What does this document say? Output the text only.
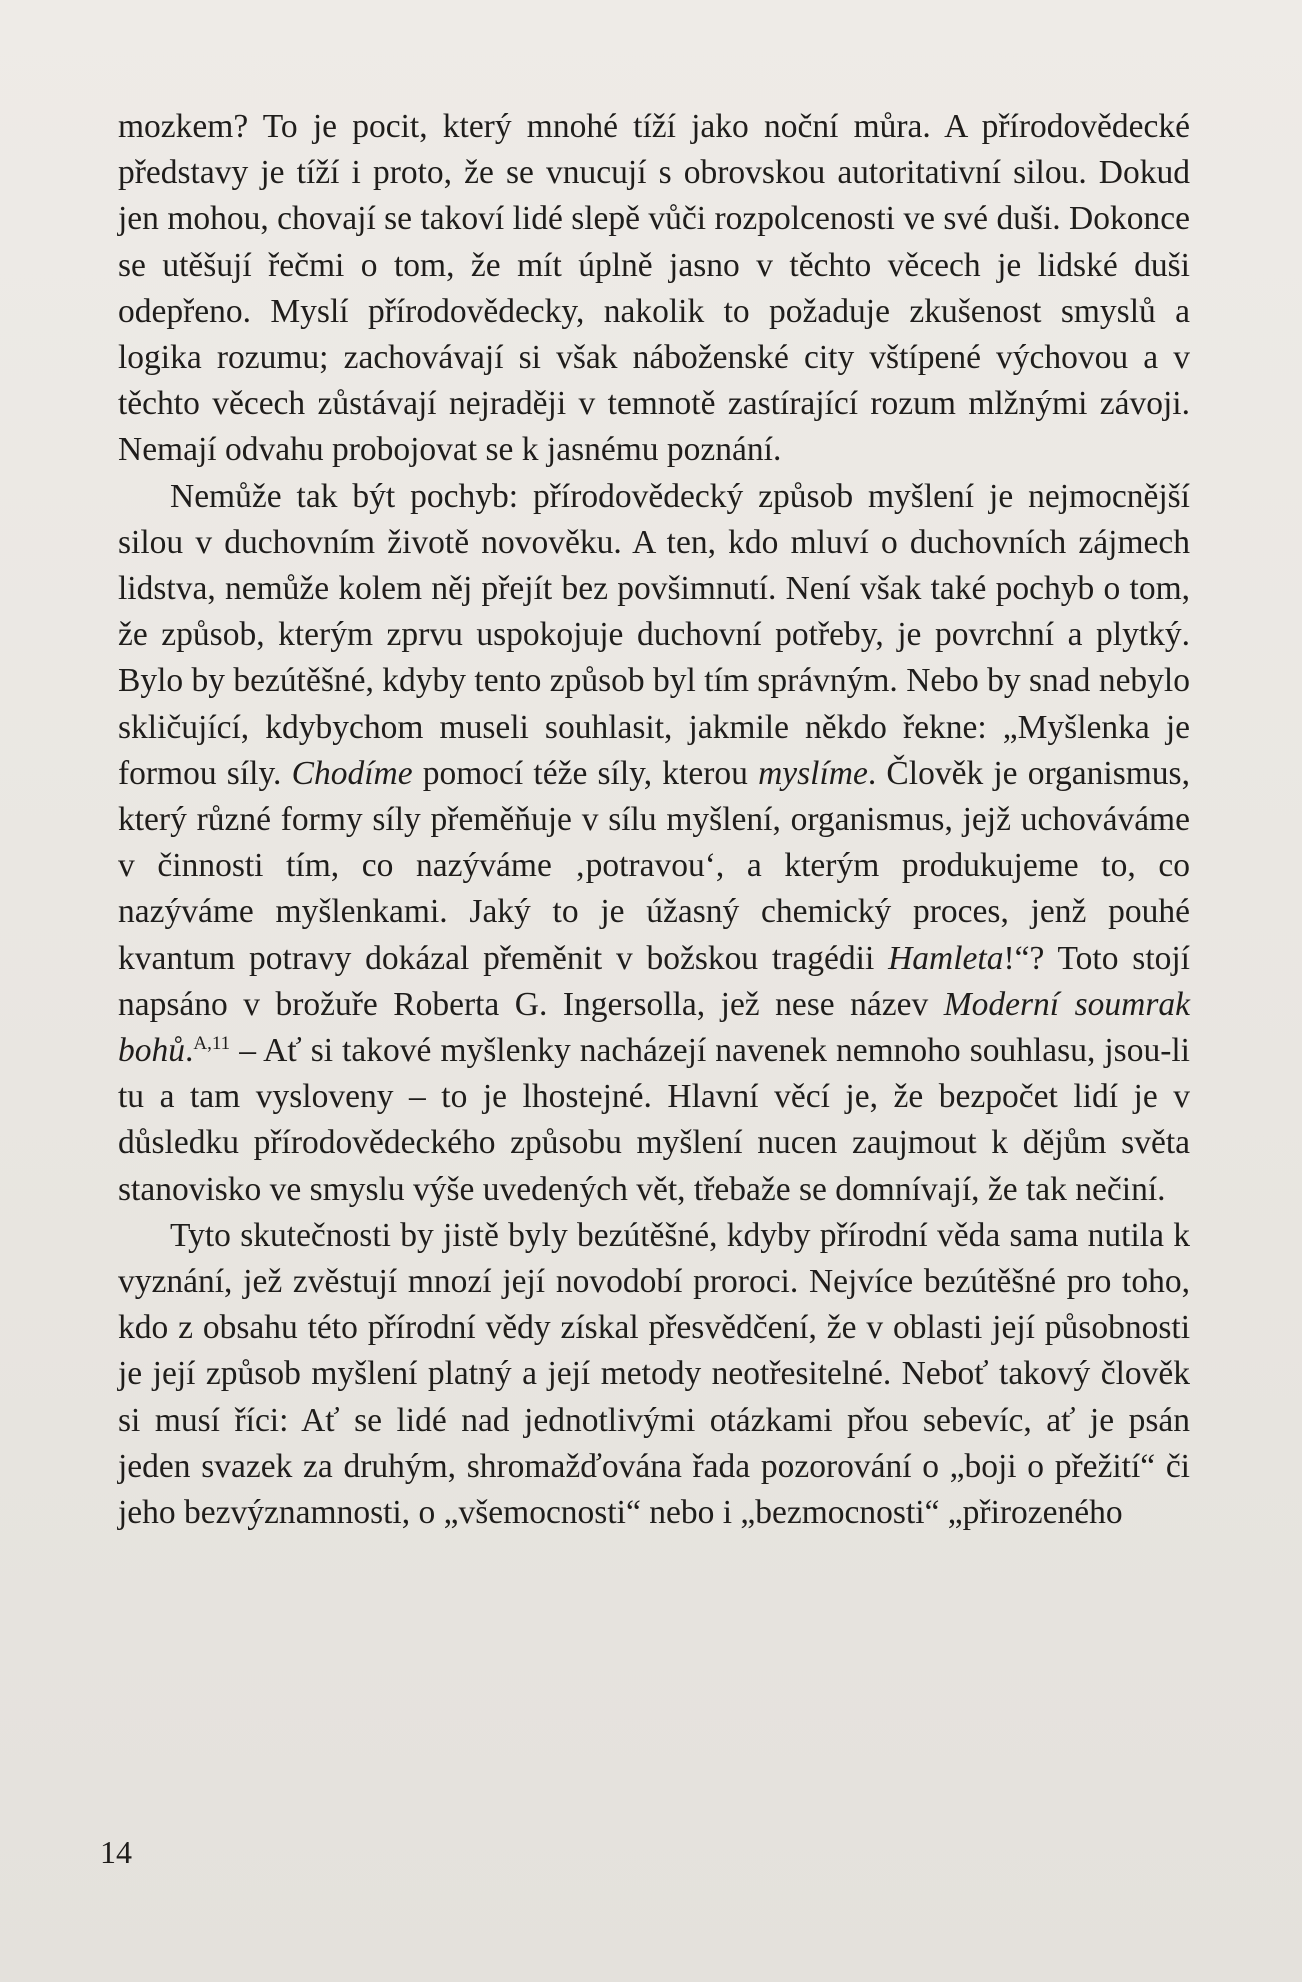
mozkem? To je pocit, který mnohé tíží jako noční můra. A přírodovědecké představy je tíží i proto, že se vnucují s obrovskou autoritativní silou. Dokud jen mohou, chovají se takoví lidé slepě vůči rozpolcenosti ve své duši. Dokonce se utěšují řečmi o tom, že mít úplně jasno v těchto věcech je lidské duši odepřeno. Myslí přírodovědecky, nakolik to požaduje zkušenost smyslů a logika rozumu; zachovávají si však náboženské city vštípené výchovou a v těchto věcech zůstávají nejraději v temnotě zastírající rozum mlžnými závoji. Nemají odvahu probojovat se k jasnému poznání.

Nemůže tak být pochyb: přírodovědecký způsob myšlení je nejmocnější silou v duchovním životě novověku. A ten, kdo mluví o duchovních zájmech lidstva, nemůže kolem něj přejít bez povšimnutí. Není však také pochyb o tom, že způsob, kterým zprvu uspokojuje duchovní potřeby, je povrchní a plytký. Bylo by bezútěšné, kdyby tento způsob byl tím správným. Nebo by snad nebylo skličující, kdybychom museli souhlasit, jakmile někdo řekne: „Myšlenka je formou síly. Chodíme pomocí téže síly, kterou myslíme. Člověk je organismus, který různé formy síly přeměňuje v sílu myšlení, organismus, jejž uchováváme v činnosti tím, co nazýváme ‚potravou‘, a kterým produkujeme to, co nazýváme myšlenkami. Jaký to je úžasný chemický proces, jenž pouhé kvantum potravy dokázal přeměnit v božskou tragédii Hamleta!“? Toto stojí napsáno v brožuře Roberta G. Ingersolla, jež nese název Moderní soumrak bohů.$^{A,11}$ – Ať si takové myšlenky nacházejí navenek nemnoho souhlasu, jsou-li tu a tam vysloveny – to je lhostejné. Hlavní věcí je, že bezpočet lidí je v důsledku přírodovědeckého způsobu myšlení nucen zaujmout k dějům světa stanovisko ve smyslu výše uvedených vět, třebaže se domnívají, že tak nečiní.

Tyto skutečnosti by jistě byly bezútěšné, kdyby přírodní věda sama nutila k vyznání, jež zvěstují mnozí její novodobí proroci. Nejvíce bezútěšné pro toho, kdo z obsahu této přírodní vědy získal přesvědčení, že v oblasti její působnosti je její způsob myšlení platný a její metody neotřesitelné. Neboť takový člověk si musí říci: Ať se lidé nad jednotlivými otázkami přou sebevíc, ať je psán jeden svazek za druhým, shromažďována řada pozorování o „boji o přežití“ či jeho bezvýznamnosti, o „všemocnosti“ nebo i „bezmocnosti“ „přirozeného

14
